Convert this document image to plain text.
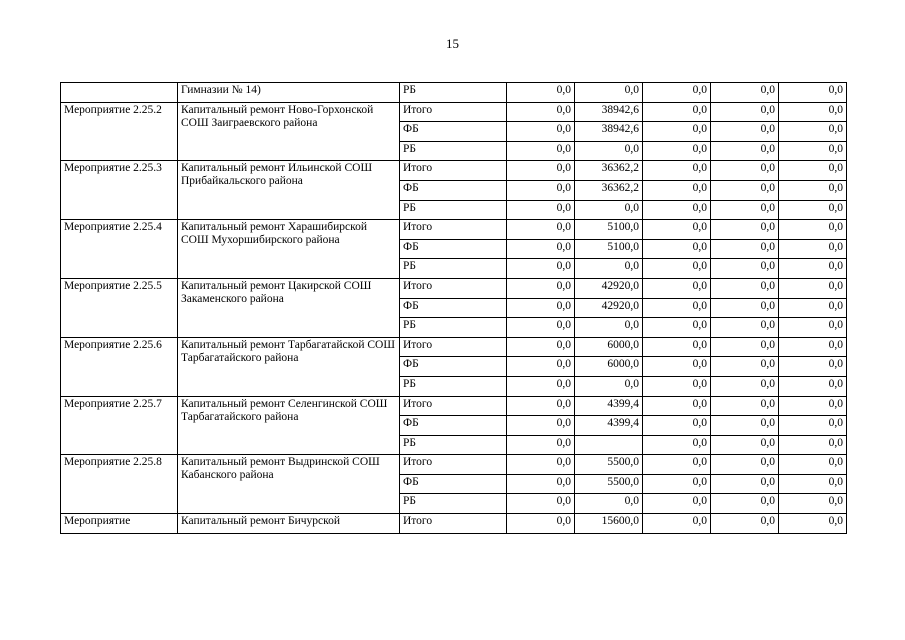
15
	Гимназии № 14)	РБ	0,0	0,0	0,0	0,0	0,0
Мероприятие 2.25.2	Капитальный ремонт Ново-Горхонской СОШ Заиграевского района	Итого	0,0	38942,6	0,0	0,0	0,0
		ФБ	0,0	38942,6	0,0	0,0	0,0
		РБ	0,0	0,0	0,0	0,0	0,0
Мероприятие 2.25.3	Капитальный ремонт Ильинской СОШ Прибайкальского района	Итого	0,0	36362,2	0,0	0,0	0,0
		ФБ	0,0	36362,2	0,0	0,0	0,0
		РБ	0,0	0,0	0,0	0,0	0,0
Мероприятие 2.25.4	Капитальный ремонт Харашибирской СОШ Мухоршибирского района	Итого	0,0	5100,0	0,0	0,0	0,0
		ФБ	0,0	5100,0	0,0	0,0	0,0
		РБ	0,0	0,0	0,0	0,0	0,0
Мероприятие 2.25.5	Капитальный ремонт Цакирской СОШ Закаменского района	Итого	0,0	42920,0	0,0	0,0	0,0
		ФБ	0,0	42920,0	0,0	0,0	0,0
		РБ	0,0	0,0	0,0	0,0	0,0
Мероприятие 2.25.6	Капитальный ремонт Тарбагатайской СОШ Тарбагатайского района	Итого	0,0	6000,0	0,0	0,0	0,0
		ФБ	0,0	6000,0	0,0	0,0	0,0
		РБ	0,0	0,0	0,0	0,0	0,0
Мероприятие 2.25.7	Капитальный ремонт Селенгинской СОШ Тарбагатайского района	Итого	0,0	4399,4	0,0	0,0	0,0
		ФБ	0,0	4399,4	0,0	0,0	0,0
		РБ	0,0		0,0	0,0	0,0
Мероприятие 2.25.8	Капитальный ремонт Выдринской СОШ Кабанского района	Итого	0,0	5500,0	0,0	0,0	0,0
		ФБ	0,0	5500,0	0,0	0,0	0,0
		РБ	0,0	0,0	0,0	0,0	0,0
Мероприятие	Капитальный ремонт Бичурской	Итого	0,0	15600,0	0,0	0,0	0,0
